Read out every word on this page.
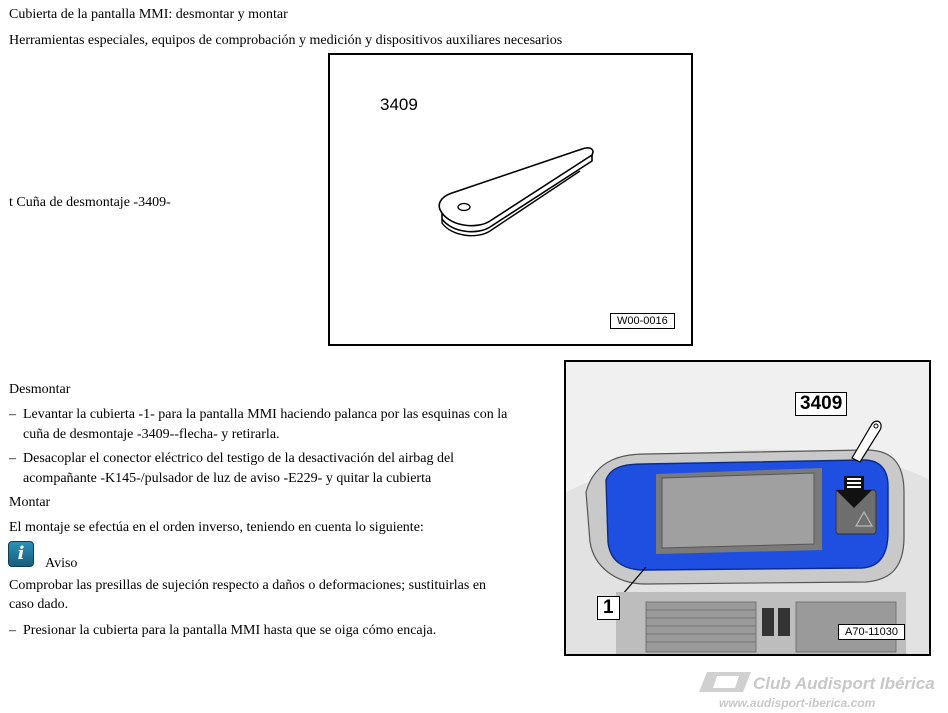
Cubierta de la pantalla MMI: desmontar y montar
Herramientas especiales, equipos de comprobación y medición y dispositivos auxiliares necesarios
t Cuña de desmontaje -3409-
3409
W00-0016
3409
1
A70-11030
Desmontar
– Levantar la cubierta -1- para la pantalla MMI haciendo palanca por las esquinas con la
cuña de desmontaje -3409--flecha- y retirarla.
– Desacoplar el conector eléctrico del testigo de la desactivación del airbag del
acompañante -K145-/pulsador de luz de aviso -E229- y quitar la cubierta
Montar
El montaje se efectúa en el orden inverso, teniendo en cuenta lo siguiente:
i	Aviso
Comprobar las presillas de sujeción respecto a daños o deformaciones; sustituirlas en
caso dado.
– Presionar la cubierta para la pantalla MMI hasta que se oiga cómo encaja.
Club Audisport Ibérica
www.audisport-iberica.com
